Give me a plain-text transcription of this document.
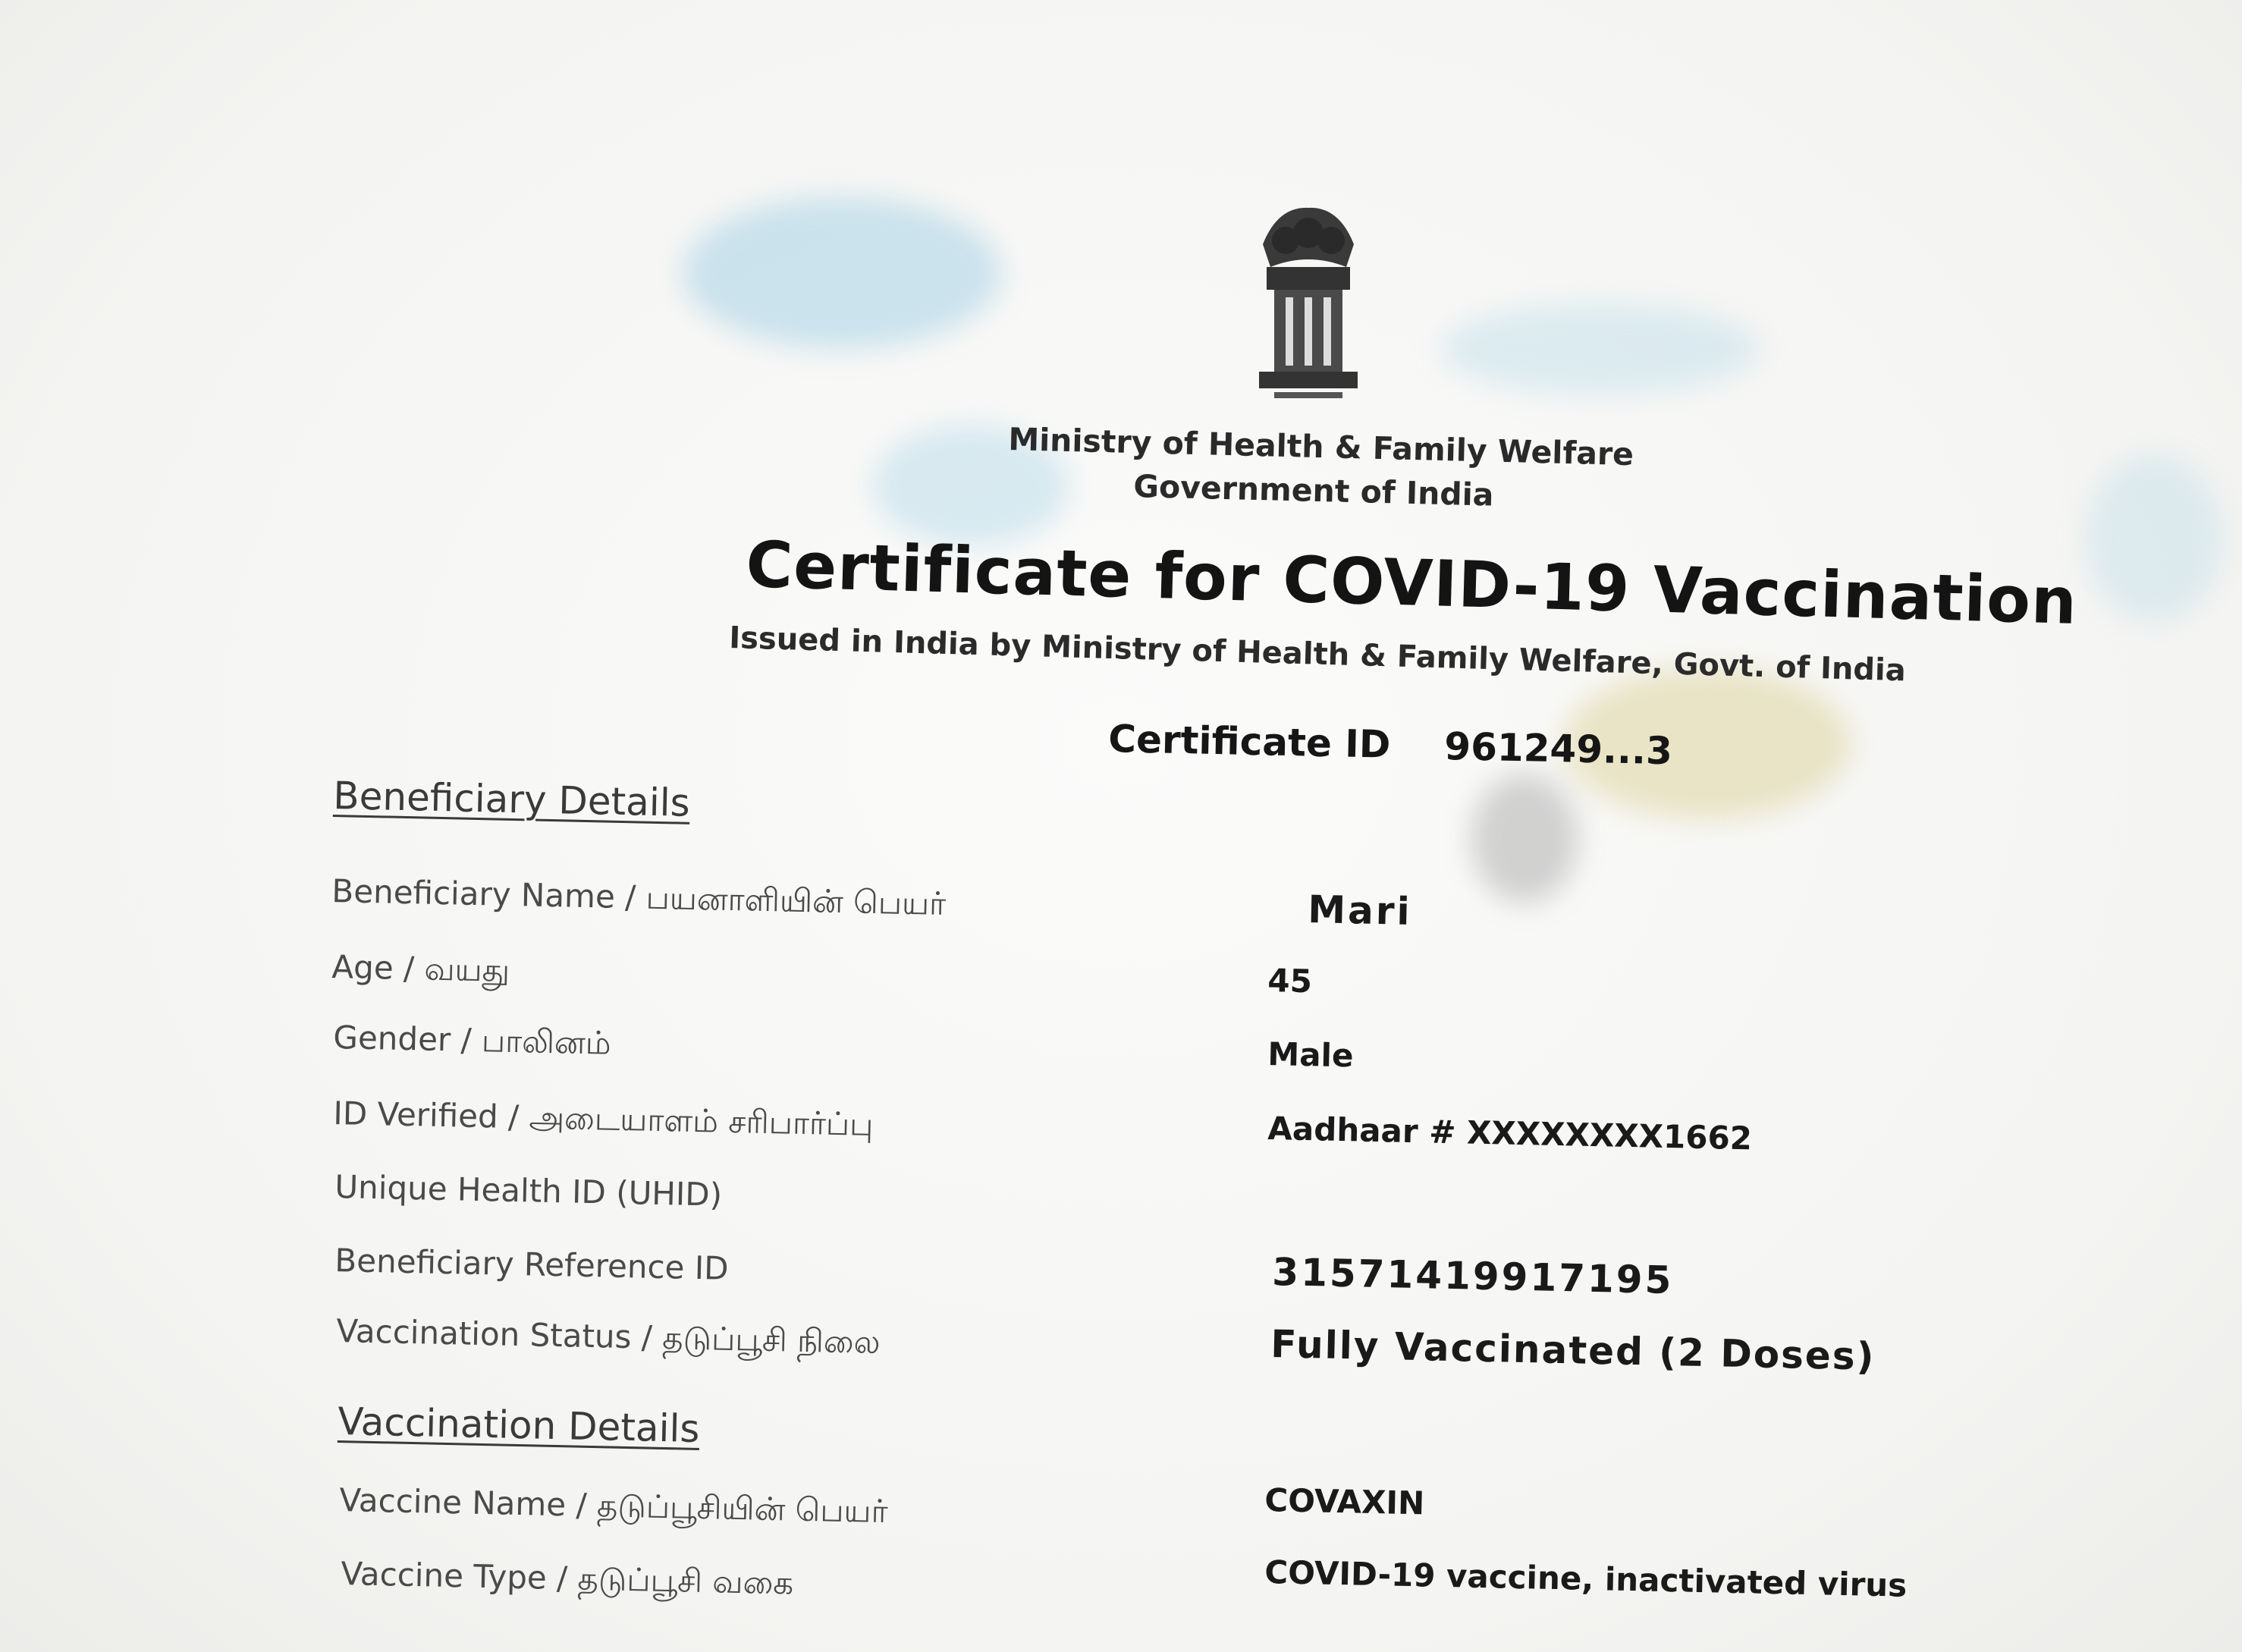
Ministry of Health & Family Welfare
Government of India
Certificate for COVID-19 Vaccination
Issued in India by Ministry of Health & Family Welfare, Govt. of India
Certificate ID 961249...3
Beneficiary Details
Beneficiary Name / பயனாளியின் பெயர்	Mari
Age / வயது	45
Gender / பாலினம்	Male
ID Verified / அடையாளம் சரிபார்ப்பு	Aadhaar # XXXXXXXX1662
Unique Health ID (UHID)
Beneficiary Reference ID	31571419917195
Vaccination Status / தடுப்பூசி நிலை	Fully Vaccinated (2 Doses)
Vaccination Details
Vaccine Name / தடுப்பூசியின் பெயர்	COVAXIN
Vaccine Type / தடுப்பூசி வகை	COVID-19 vaccine, inactivated virus
